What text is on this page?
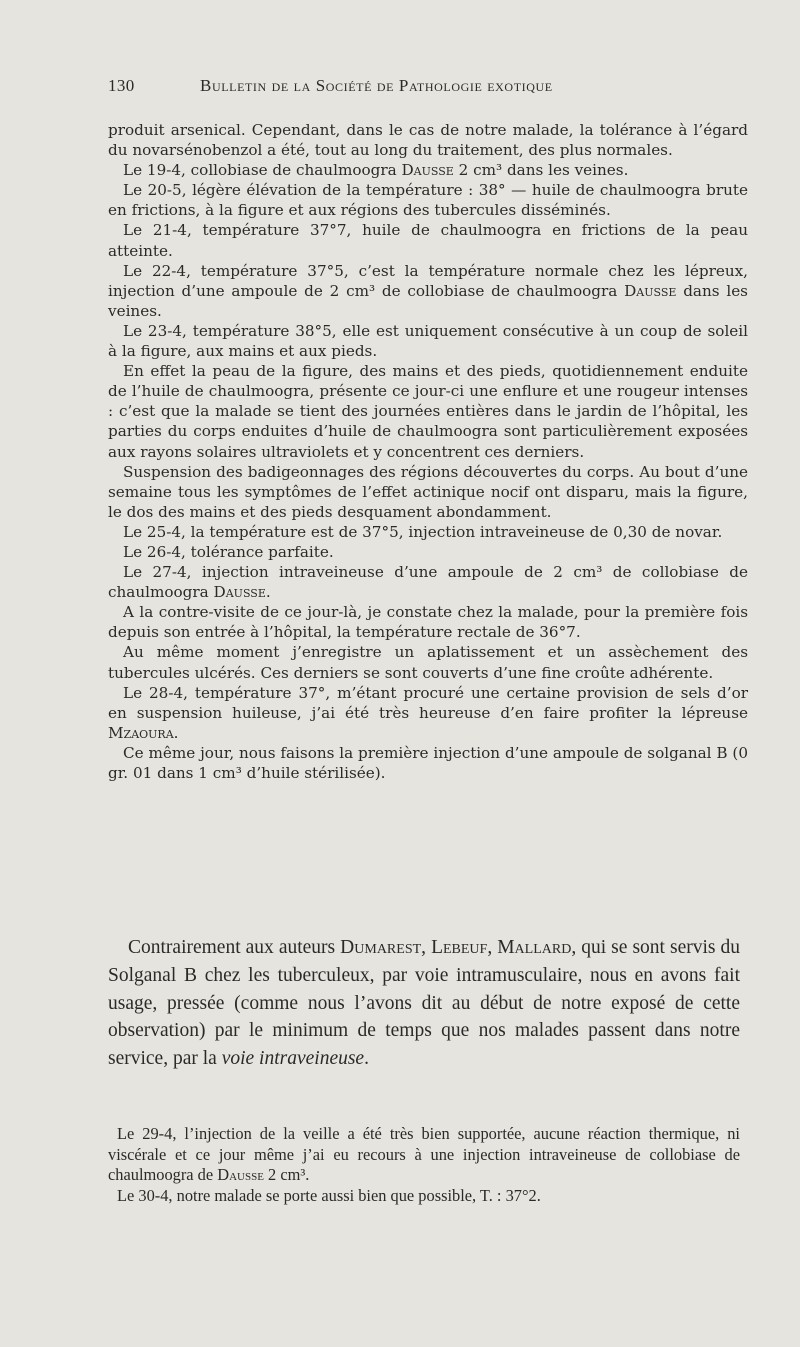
130	Bulletin de la Société de Pathologie exotique

produit arsenical. Cependant, dans le cas de notre malade, la tolérance à l’égard du novarsénobenzol a été, tout au long du traitement, des plus normales.

Le 19-4, collobiase de chaulmoogra Dausse 2 cm³ dans les veines.

Le 20-5, légère élévation de la température : 38° — huile de chaulmoogra brute en frictions, à la figure et aux régions des tubercules disséminés.

Le 21-4, température 37°7, huile de chaulmoogra en frictions de la peau atteinte.

Le 22-4, température 37°5, c’est la température normale chez les lépreux, injection d’une ampoule de 2 cm³ de collobiase de chaulmoogra Dausse dans les veines.

Le 23-4, température 38°5, elle est uniquement consécutive à un coup de soleil à la figure, aux mains et aux pieds.

En effet la peau de la figure, des mains et des pieds, quotidiennement enduite de l’huile de chaulmoogra, présente ce jour-ci une enflure et une rougeur intenses : c’est que la malade se tient des journées entières dans le jardin de l’hôpital, les parties du corps enduites d’huile de chaulmoogra sont particulièrement exposées aux rayons solaires ultraviolets et y concentrent ces derniers.

Suspension des badigeonnages des régions découvertes du corps. Au bout d’une semaine tous les symptômes de l’effet actinique nocif ont disparu, mais la figure, le dos des mains et des pieds desquament abondamment.

Le 25-4, la température est de 37°5, injection intraveineuse de 0,30 de novar.

Le 26-4, tolérance parfaite.

Le 27-4, injection intraveineuse d’une ampoule de 2 cm³ de collobiase de chaulmoogra Dausse.

A la contre-visite de ce jour-là, je constate chez la malade, pour la première fois depuis son entrée à l’hôpital, la température rectale de 36°7.

Au même moment j’enregistre un aplatissement et un assèchement des tubercules ulcérés. Ces derniers se sont couverts d’une fine croûte adhérente.

Le 28-4, température 37°, m’étant procuré une certaine provision de sels d’or en suspension huileuse, j’ai été très heureuse d’en faire profiter la lépreuse Mzaoura.

Ce même jour, nous faisons la première injection d’une ampoule de solganal B (0 gr. 01 dans 1 cm³ d’huile stérilisée).

Contrairement aux auteurs Dumarest, Lebeuf, Mallard, qui se sont servis du Solganal B chez les tuberculeux, par voie intramusculaire, nous en avons fait usage, pressée (comme nous l’avons dit au début de notre exposé de cette observation) par le minimum de temps que nos malades passent dans notre service, par la voie intraveineuse.

Le 29-4, l’injection de la veille a été très bien supportée, aucune réaction thermique, ni viscérale et ce jour même j’ai eu recours à une injection intraveineuse de collobiase de chaulmoogra de Dausse 2 cm³.

Le 30-4, notre malade se porte aussi bien que possible, T. : 37°2.
